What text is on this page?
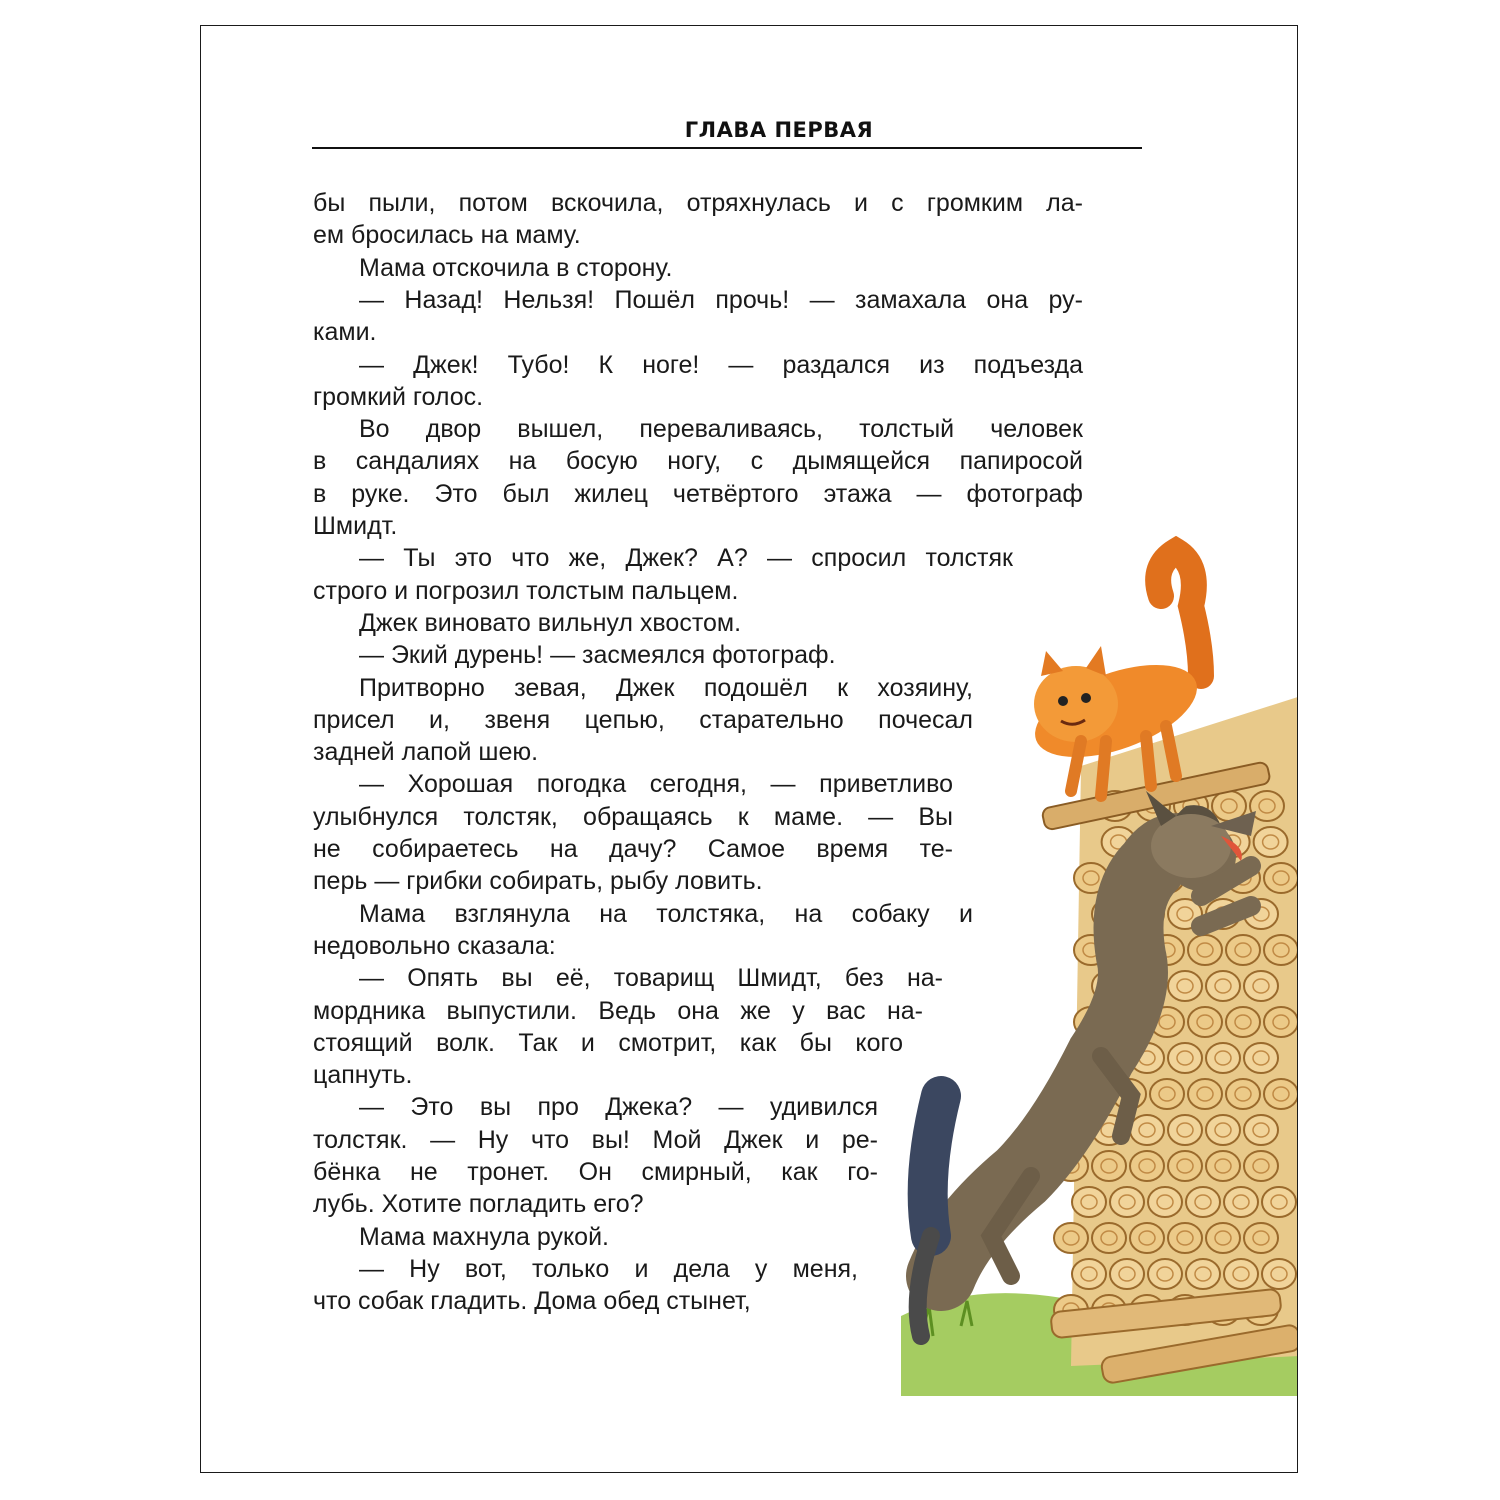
ГЛАВА ПЕРВАЯ
бы пыли, потом вскочила, отряхнулась и с громким ла-
ем бросилась на маму.
Мама отскочила в сторону.
— Назад! Нельзя! Пошёл прочь! — замахала она ру-
ками.
— Джек! Тубо! К ноге! — раздался из подъезда
громкий голос.
Во двор вышел, переваливаясь, толстый человек
в сандалиях на босую ногу, с дымящейся папиросой
в руке. Это был жилец четвёртого этажа — фотограф
Шмидт.
— Ты это что же, Джек? А? — спросил толстяк
строго и погрозил толстым пальцем.
Джек виновато вильнул хвостом.
— Экий дурень! — засмеялся фотограф.
Притворно зевая, Джек подошёл к хозяину,
присел и, звеня цепью, старательно почесал
задней лапой шею.
— Хорошая погодка сегодня, — приветливо
улыбнулся толстяк, обращаясь к маме. — Вы
не собираетесь на дачу? Самое время те-
перь — грибки собирать, рыбу ловить.
Мама взглянула на толстяка, на собаку и
недовольно сказала:
— Опять вы её, товарищ Шмидт, без на-
мордника выпустили. Ведь она же у вас на-
стоящий волк. Так и смотрит, как бы кого
цапнуть.
— Это вы про Джека? — удивился
толстяк. — Ну что вы! Мой Джек и ре-
бёнка не тронет. Он смирный, как го-
лубь. Хотите погладить его?
Мама махнула рукой.
— Ну вот, только и дела у меня,
что собак гладить. Дома обед стынет,
